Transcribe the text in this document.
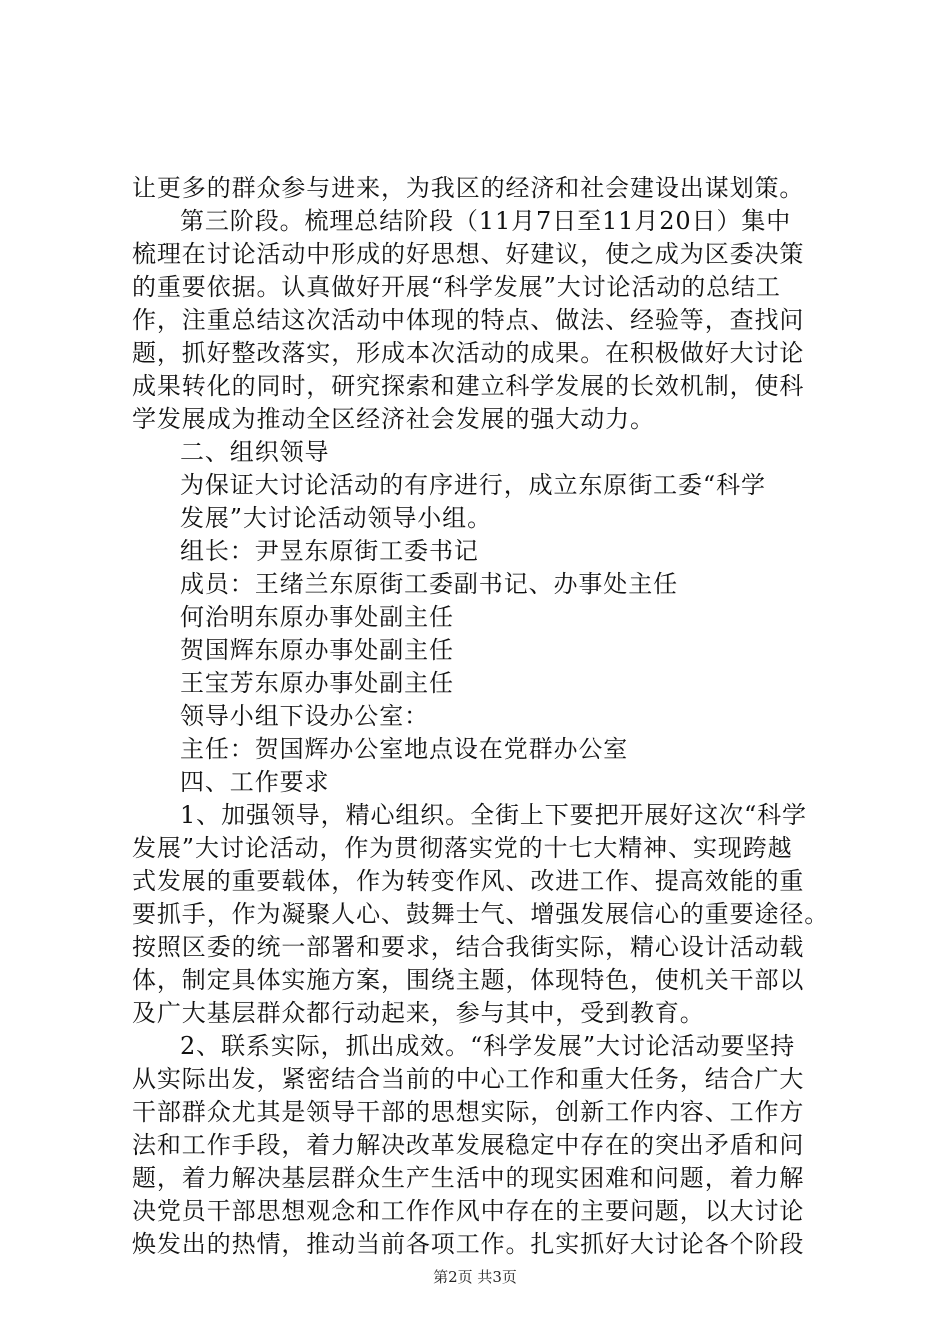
让更多的群众参与进来，为我区的经济和社会建设出谋划策。
第三阶段。梳理总结阶段（11月7日至11月20日）集中
梳理在讨论活动中形成的好思想、好建议，使之成为区委决策
的重要依据。认真做好开展“科学发展”大讨论活动的总结工
作，注重总结这次活动中体现的特点、做法、经验等，查找问
题，抓好整改落实，形成本次活动的成果。在积极做好大讨论
成果转化的同时，研究探索和建立科学发展的长效机制，使科
学发展成为推动全区经济社会发展的强大动力。
二、组织领导
为保证大讨论活动的有序进行，成立东原街工委“科学
发展”大讨论活动领导小组。
组长：尹昱东原街工委书记
成员：王绪兰东原街工委副书记、办事处主任
何治明东原办事处副主任
贺国辉东原办事处副主任
王宝芳东原办事处副主任
领导小组下设办公室：
主任：贺国辉办公室地点设在党群办公室
四、工作要求
1、加强领导，精心组织。全街上下要把开展好这次“科学
发展”大讨论活动，作为贯彻落实党的十七大精神、实现跨越
式发展的重要载体，作为转变作风、改进工作、提高效能的重
要抓手，作为凝聚人心、鼓舞士气、增强发展信心的重要途径。
按照区委的统一部署和要求，结合我街实际，精心设计活动载
体，制定具体实施方案，围绕主题，体现特色，使机关干部以
及广大基层群众都行动起来，参与其中，受到教育。
2、联系实际，抓出成效。“科学发展”大讨论活动要坚持
从实际出发，紧密结合当前的中心工作和重大任务，结合广大
干部群众尤其是领导干部的思想实际，创新工作内容、工作方
法和工作手段，着力解决改革发展稳定中存在的突出矛盾和问
题，着力解决基层群众生产生活中的现实困难和问题，着力解
决党员干部思想观念和工作作风中存在的主要问题，以大讨论
焕发出的热情，推动当前各项工作。扎实抓好大讨论各个阶段
第2页 共3页
